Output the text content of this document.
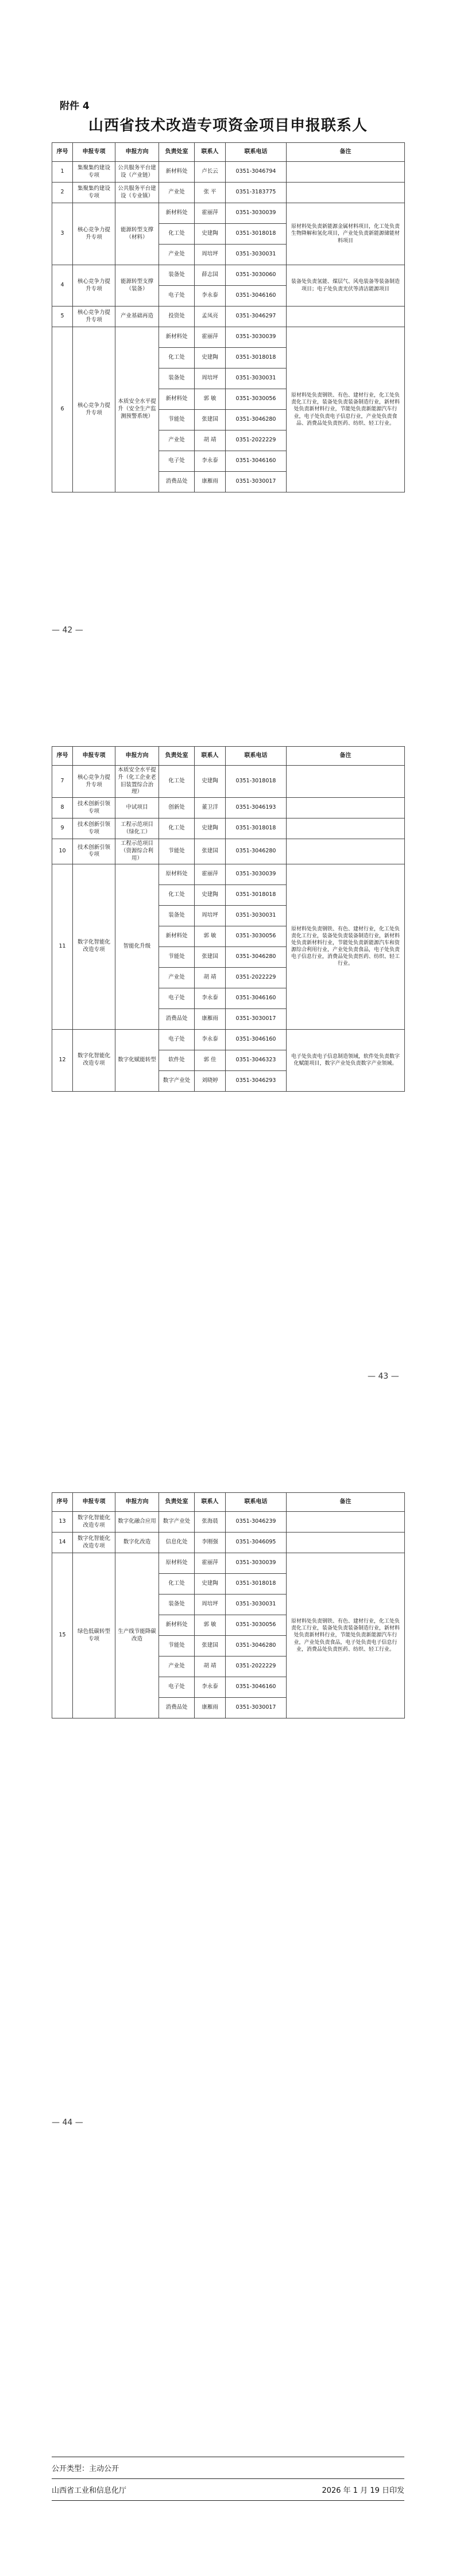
附件 4
山西省技术改造专项资金项目申报联系人
序号	申报专项	申报方向	负责处室	联系人	联系电话	备注
1	集聚集约建设专项	公共服务平台建设（产业链）	新材料处	卢长云	0351-3046794	
2	集聚集约建设专项	公共服务平台建设（专业镇）	产业处	张 平	0351-3183775	
3	核心竞争力提升专项	能源转型支撑（材料）	新材料处	霍丽萍	0351-3030039	原材料处负责新能源金属材料项目，化工处负责生物降解和氢化项目，产业处负责新能源储能材料项目
			化工处	史建陶	0351-3018018	
			产业处	周培坪	0351-3030031	
4	核心竞争力提升专项	能源转型支撑（装备）	装备处	薛志国	0351-3030060	装备处负责氢能、煤层气、风电装备等装备制造项目；电子处负责光伏等清洁能源项目
			电子处	李永泰	0351-3046160	
5	核心竞争力提升专项	产业基础再造	投资处	孟凤亮	0351-3046297	
6	核心竞争力提升专项	本质安全水平提升（安全生产监测预警系统）	新材料处	霍丽萍	0351-3030039	原材料处负责钢铁、有色、建材行业，化工处负责化工行业，装备处负责装备制造行业，新材料处负责新材料行业，节能处负责新能源汽车行业，电子处负责电子信息行业，产业处负责食品、消费品处负责医药、纺织、轻工行业。
			化工处	史建陶	0351-3018018	
			装备处	周培坪	0351-3030031	
			新材料处	郭 敏	0351-3030056	
			节能处	张建国	0351-3046280	
			产业处	胡 靖	0351-2022229	
			电子处	李永泰	0351-3046160	
			消费品处	康雁雨	0351-3030017	
— 42 —
序号	申报专项	申报方向	负责处室	联系人	联系电话	备注
7	核心竞争力提升专项	本质安全水平提升（化工企业老旧装置综合治理）	化工处	史建陶	0351-3018018	
8	技术创新引领专项	中试项目	创新处	董卫洋	0351-3046193	
9	技术创新引领专项	工程示范项目（绿化工）	化工处	史建陶	0351-3018018	
10	技术创新引领专项	工程示范项目（资源综合利用）	节能处	张建国	0351-3046280	
11	数字化智能化改造专项	智能化升级	原材料处	霍丽萍	0351-3030039	原材料处负责钢铁、有色、建材行业，化工处负责化工行业，装备处负责装备制造行业，新材料处负责新材料行业，节能处负责新能源汽车和资源综合利用行业，产业处负责食品，电子处负责电子信息行业，消费品处负责医药、纺织、轻工行业。
			化工处	史建陶	0351-3018018	
			装备处	周培坪	0351-3030031	
			新材料处	郭 敏	0351-3030056	
			节能处	张建国	0351-3046280	
			产业处	胡 靖	0351-2022229	
			电子处	李永泰	0351-3046160	
			消费品处	康雁雨	0351-3030017	
12	数字化智能化改造专项	数字化赋能转型	电子处	李永泰	0351-3046160	电子处负责电子信息制造领域，软件处负责数字化赋能项目，数字产业处负责数字产业领域。
			软件处	郭 佳	0351-3046323	
			数字产业处	刘晓婷	0351-3046293	
— 43 —
序号	申报专项	申报方向	负责处室	联系人	联系电话	备注
13	数字化智能化改造专项	数字化融合应用	数字产业处	张海晨	0351-3046239	
14	数字化智能化改造专项	数字化改造	信息化处	李刚强	0351-3046095	
15	绿色低碳转型专项	生产线节能降碳改造	原材料处	霍丽萍	0351-3030039	原材料处负责钢铁、有色、建材行业，化工处负责化工行业，装备处负责装备制造行业，新材料处负责新材料行业，节能处负责新能源汽车行业，产业处负责食品，电子处负责电子信息行业，消费品处负责医药、纺织、轻工行业。
			化工处	史建陶	0351-3018018	
			装备处	周培坪	0351-3030031	
			新材料处	郭 敏	0351-3030056	
			节能处	张建国	0351-3046280	
			产业处	胡 靖	0351-2022229	
			电子处	李永泰	0351-3046160	
			消费品处	康雁雨	0351-3030017	
— 44 —
公开类型：主动公开
山西省工业和信息化厅	2026 年 1 月 19 日印发
